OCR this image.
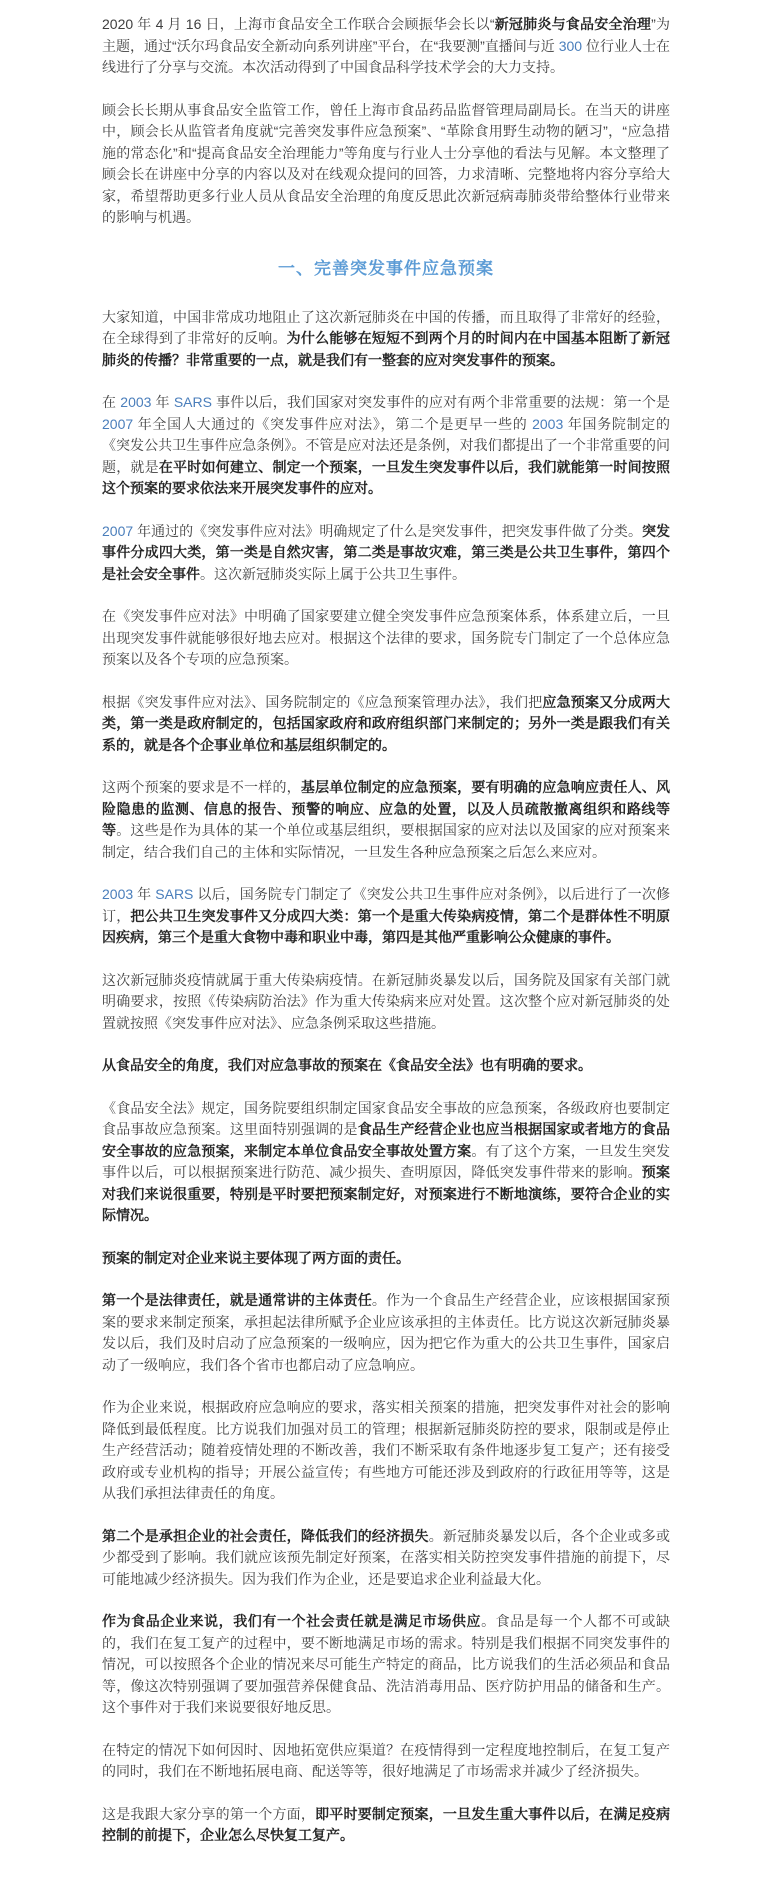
2020 年 4 月 16 日，上海市食品安全工作联合会顾振华会长以“新冠肺炎与食品安全治理”为主题，通过“沃尔玛食品安全新动向系列讲座”平台，在“我要测”直播间与近 300 位行业人士在线进行了分享与交流。本次活动得到了中国食品科学技术学会的大力支持。

顾会长长期从事食品安全监管工作，曾任上海市食品药品监督管理局副局长。在当天的讲座中，顾会长从监管者角度就“完善突发事件应急预案”、“革除食用野生动物的陋习”，“应急措施的常态化”和“提高食品安全治理能力”等角度与行业人士分享他的看法与见解。本文整理了顾会长在讲座中分享的内容以及对在线观众提问的回答，力求清晰、完整地将内容分享给大家，希望帮助更多行业人员从食品安全治理的角度反思此次新冠病毒肺炎带给整体行业带来的影响与机遇。

一、完善突发事件应急预案

大家知道，中国非常成功地阻止了这次新冠肺炎在中国的传播，而且取得了非常好的经验，在全球得到了非常好的反响。为什么能够在短短不到两个月的时间内在中国基本阻断了新冠肺炎的传播？非常重要的一点，就是我们有一整套的应对突发事件的预案。

在 2003 年 SARS 事件以后，我们国家对突发事件的应对有两个非常重要的法规：第一个是 2007 年全国人大通过的《突发事件应对法》，第二个是更早一些的 2003 年国务院制定的《突发公共卫生事件应急条例》。不管是应对法还是条例，对我们都提出了一个非常重要的问题，就是在平时如何建立、制定一个预案，一旦发生突发事件以后，我们就能第一时间按照这个预案的要求依法来开展突发事件的应对。

2007 年通过的《突发事件应对法》明确规定了什么是突发事件，把突发事件做了分类。突发事件分成四大类，第一类是自然灾害，第二类是事故灾难，第三类是公共卫生事件，第四个是社会安全事件。这次新冠肺炎实际上属于公共卫生事件。

在《突发事件应对法》中明确了国家要建立健全突发事件应急预案体系，体系建立后，一旦出现突发事件就能够很好地去应对。根据这个法律的要求，国务院专门制定了一个总体应急预案以及各个专项的应急预案。

根据《突发事件应对法》、国务院制定的《应急预案管理办法》，我们把应急预案又分成两大类，第一类是政府制定的，包括国家政府和政府组织部门来制定的；另外一类是跟我们有关系的，就是各个企事业单位和基层组织制定的。

这两个预案的要求是不一样的，基层单位制定的应急预案，要有明确的应急响应责任人、风险隐患的监测、信息的报告、预警的响应、应急的处置，以及人员疏散撤离组织和路线等等。这些是作为具体的某一个单位或基层组织，要根据国家的应对法以及国家的应对预案来制定，结合我们自己的主体和实际情况，一旦发生各种应急预案之后怎么来应对。

2003 年 SARS 以后，国务院专门制定了《突发公共卫生事件应对条例》，以后进行了一次修订，把公共卫生突发事件又分成四大类：第一个是重大传染病疫情，第二个是群体性不明原因疾病，第三个是重大食物中毒和职业中毒，第四是其他严重影响公众健康的事件。

这次新冠肺炎疫情就属于重大传染病疫情。在新冠肺炎暴发以后，国务院及国家有关部门就明确要求，按照《传染病防治法》作为重大传染病来应对处置。这次整个应对新冠肺炎的处置就按照《突发事件应对法》、应急条例采取这些措施。

从食品安全的角度，我们对应急事故的预案在《食品安全法》也有明确的要求。

《食品安全法》规定，国务院要组织制定国家食品安全事故的应急预案，各级政府也要制定食品事故应急预案。这里面特别强调的是食品生产经营企业也应当根据国家或者地方的食品安全事故的应急预案，来制定本单位食品安全事故处置方案。有了这个方案，一旦发生突发事件以后，可以根据预案进行防范、减少损失、查明原因，降低突发事件带来的影响。预案对我们来说很重要，特别是平时要把预案制定好，对预案进行不断地演练，要符合企业的实际情况。

预案的制定对企业来说主要体现了两方面的责任。

第一个是法律责任，就是通常讲的主体责任。作为一个食品生产经营企业，应该根据国家预案的要求来制定预案，承担起法律所赋予企业应该承担的主体责任。比方说这次新冠肺炎暴发以后，我们及时启动了应急预案的一级响应，因为把它作为重大的公共卫生事件，国家启动了一级响应，我们各个省市也都启动了应急响应。

作为企业来说，根据政府应急响应的要求，落实相关预案的措施，把突发事件对社会的影响降低到最低程度。比方说我们加强对员工的管理；根据新冠肺炎防控的要求，限制或是停止生产经营活动；随着疫情处理的不断改善，我们不断采取有条件地逐步复工复产；还有接受政府或专业机构的指导；开展公益宣传；有些地方可能还涉及到政府的行政征用等等，这是从我们承担法律责任的角度。

第二个是承担企业的社会责任，降低我们的经济损失。新冠肺炎暴发以后，各个企业或多或少都受到了影响。我们就应该预先制定好预案，在落实相关防控突发事件措施的前提下，尽可能地减少经济损失。因为我们作为企业，还是要追求企业利益最大化。

作为食品企业来说，我们有一个社会责任就是满足市场供应。食品是每一个人都不可或缺的，我们在复工复产的过程中，要不断地满足市场的需求。特别是我们根据不同突发事件的情况，可以按照各个企业的情况来尽可能生产特定的商品，比方说我们的生活必须品和食品等，像这次特别强调了要加强营养保健食品、洗洁消毒用品、医疗防护用品的储备和生产。这个事件对于我们来说要很好地反思。

在特定的情况下如何因时、因地拓宽供应渠道？在疫情得到一定程度地控制后，在复工复产的同时，我们在不断地拓展电商、配送等等，很好地满足了市场需求并减少了经济损失。

这是我跟大家分享的第一个方面，即平时要制定预案，一旦发生重大事件以后，在满足疫病控制的前提下，企业怎么尽快复工复产。
